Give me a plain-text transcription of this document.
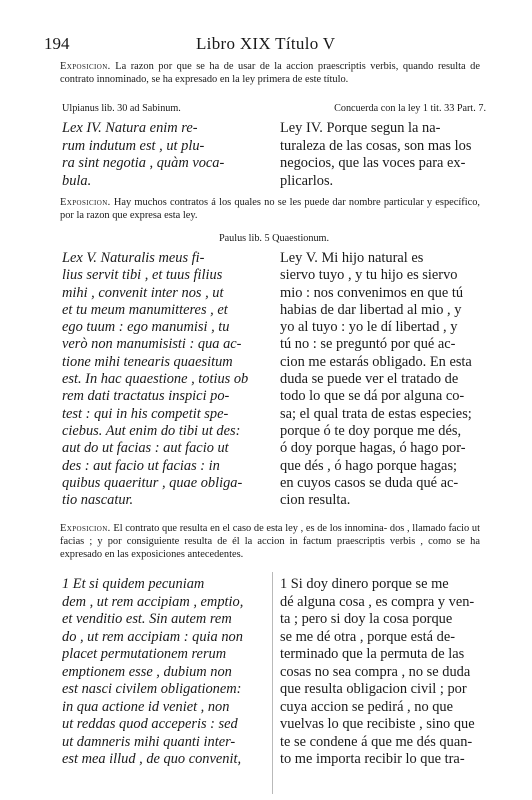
194	Libro XIX Título V
Exposicion. La razon por que se ha de usar de la accion praescriptis verbis, quando resulta de contrato innominado, se ha expresado en la ley primera de este título.
Ulpianus lib. 30 ad Sabinum.
Lex IV. Natura enim re-
rum indutum est , ut plu-
ra sint negotia , quàm voca-
bula.
Concuerda con la ley 1 tit. 33 Part. 7.
Ley IV. Porque segun la na-
turaleza de las cosas, son mas los
negocios, que las voces para ex-
plicarlos.
Exposicion. Hay muchos contratos á los quales no se les puede dar nombre particular y específico, por la razon que expresa esta ley.
Paulus lib. 5 Quaestionum.
Lex V. Naturalis meus fi-
lius servit tibi , et tuus filius
mihi , convenit inter nos , ut
et tu meum manumitteres , et
ego tuum : ego manumisi , tu
verò non manumisisti : qua ac-
tione mihi tenearis quaesitum
est. In hac quaestione , totius ob
rem dati tractatus inspici po-
test : qui in his competit spe-
ciebus. Aut enim do tibi ut des:
aut do ut facias : aut facio ut
des : aut facio ut facias : in
quibus quaeritur , quae obliga-
tio nascatur.
Ley V. Mi hijo natural es
siervo tuyo , y tu hijo es siervo
mio : nos convenimos en que tú
habias de dar libertad al mio , y
yo al tuyo : yo le dí libertad , y
tú no : se preguntó por qué ac-
cion me estarás obligado. En esta
duda se puede ver el tratado de
todo lo que se dá por alguna co-
sa; el qual trata de estas especies;
porque ó te doy porque me dés,
ó doy porque hagas, ó hago por-
que dés , ó hago porque hagas;
en cuyos casos se duda qué ac-
cion resulta.
Exposicion. El contrato que resulta en el caso de esta ley , es de los innomina- dos , llamado facio ut facias ; y por consiguiente resulta de él la accion in factum praescriptis verbis , como se ha expresado en las exposiciones antecedentes.
1 Et si quidem pecuniam
dem , ut rem accipiam , emptio,
et venditio est. Sin autem rem
do , ut rem accipiam : quia non
placet permutationem rerum
emptionem esse , dubium non
est nasci civilem obligationem:
in qua actione id veniet , non
ut reddas quod acceperis : sed
ut damneris mihi quanti inter-
est mea illud , de quo convenit,
1 Si doy dinero porque se me
dé alguna cosa , es compra y ven-
ta ; pero si doy la cosa porque
se me dé otra , porque está de-
terminado que la permuta de las
cosas no sea compra , no se duda
que resulta obligacion civil ; por
cuya accion se pedirá , no que
vuelvas lo que recibiste , sino que
te se condene á que me dés quan-
to me importa recibir lo que tra-
